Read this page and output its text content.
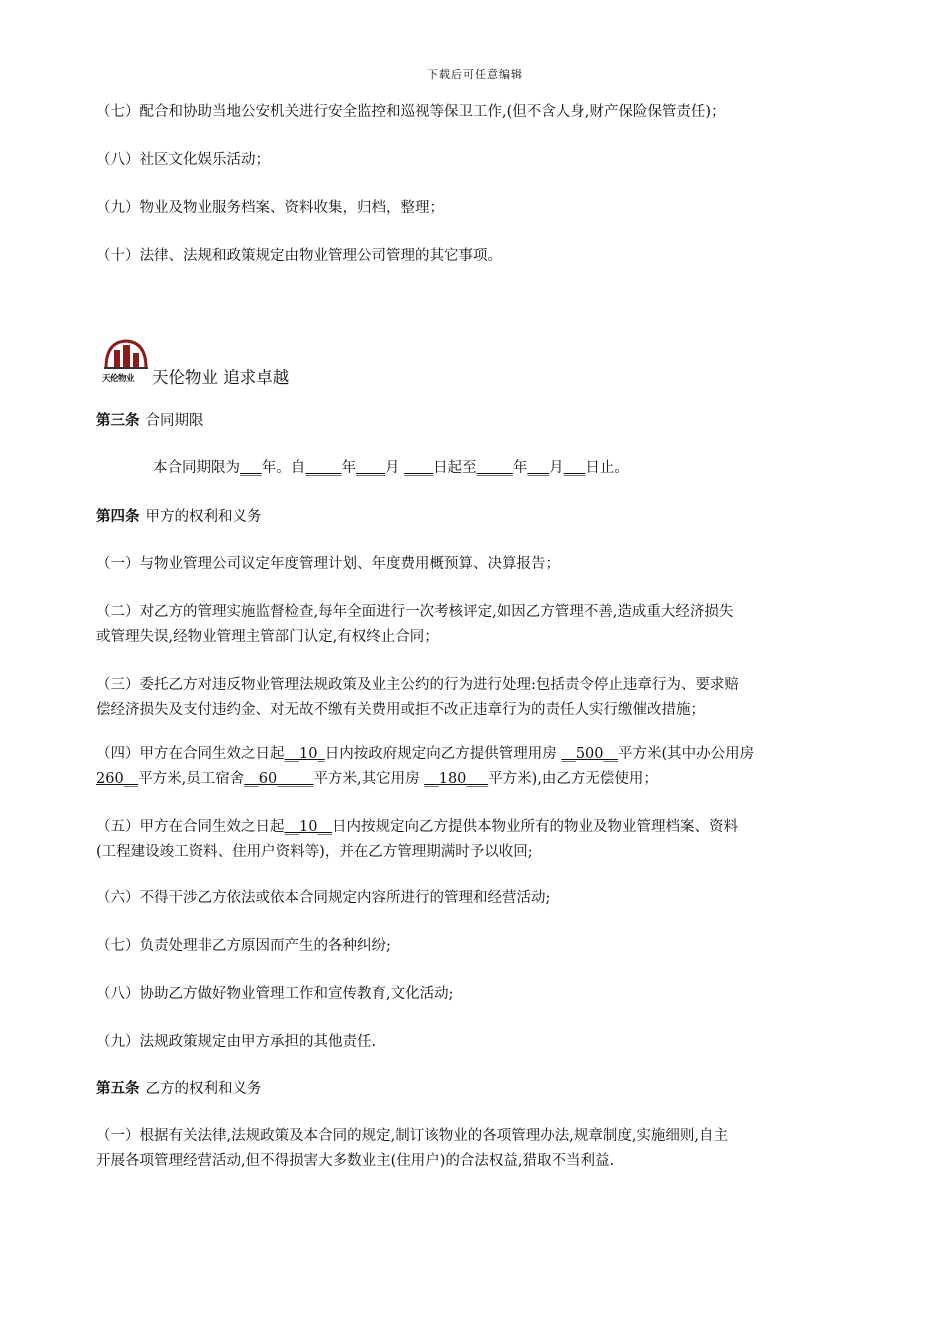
下载后可任意编辑
（七）配合和协助当地公安机关进行安全监控和巡视等保卫工作,(但不含人身,财产保险保管责任)；
（八）社区文化娱乐活动；
（九）物业及物业服务档案、资料收集，归档，整理；
（十）法律、法规和政策规定由物业管理公司管理的其它事项。
天伦物业	天伦物业 追求卓越
第三条 合同期限
本合同期限为___年。自_____年____月 ____日起至_____年___月___日止。
第四条 甲方的权利和义务
（一）与物业管理公司议定年度管理计划、年度费用概预算、决算报告；
（二）对乙方的管理实施监督检查,每年全面进行一次考核评定,如因乙方管理不善,造成重大经济损失
或管理失误,经物业管理主管部门认定,有权终止合同；
（三）委托乙方对违反物业管理法规政策及业主公约的行为进行处理:包括责令停止违章行为、要求赔
偿经济损失及支付违约金、对无故不缴有关费用或拒不改正违章行为的责任人实行缴催改措施；
（四）甲方在合同生效之日起__10_日内按政府规定向乙方提供管理用房 __500__平方米(其中办公用房
260__平方米,员工宿舍__60_____平方米,其它用房 __180___平方米),由乙方无偿使用；
（五）甲方在合同生效之日起__10__日内按规定向乙方提供本物业所有的物业及物业管理档案、资料
(工程建设竣工资料、住用户资料等)，并在乙方管理期满时予以收回;
（六）不得干涉乙方依法或依本合同规定内容所进行的管理和经营活动;
（七）负责处理非乙方原因而产生的各种纠纷;
（八）协助乙方做好物业管理工作和宣传教育,文化活动;
（九）法规政策规定由甲方承担的其他责任.
第五条 乙方的权利和义务
（一）根据有关法律,法规政策及本合同的规定,制订该物业的各项管理办法,规章制度,实施细则,自主
开展各项管理经营活动,但不得损害大多数业主(住用户)的合法权益,猎取不当利益.
